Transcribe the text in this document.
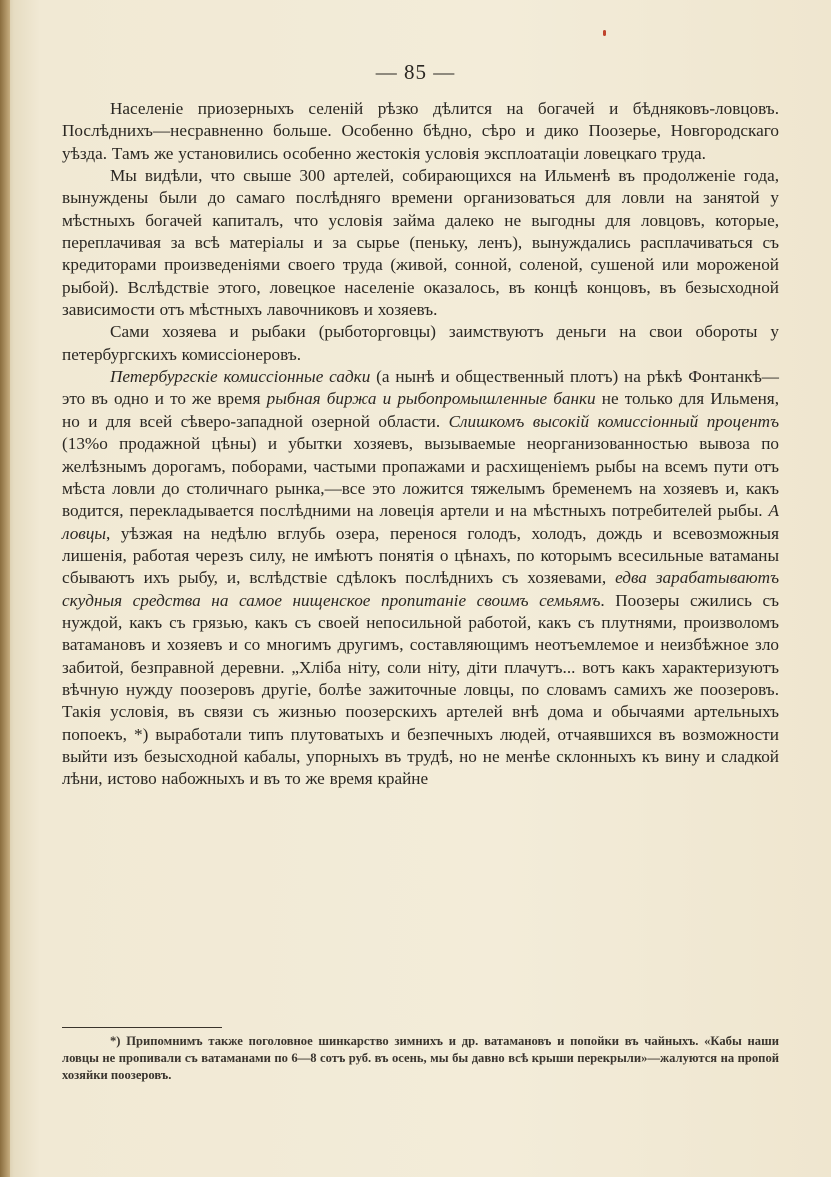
— 85 —

Населеніе приозерныхъ селеній рѣзко дѣлится на богачей и бѣдняковъ-ловцовъ. Послѣднихъ—несравненно больше. Особенно бѣдно, сѣро и дико Поозерье, Новгородскаго уѣзда. Тамъ же установились особенно жестокія условія эксплоатаціи ловецкаго труда.

Мы видѣли, что свыше 300 артелей, собирающихся на Ильменѣ въ продолженіе года, вынуждены были до самаго послѣдняго времени организоваться для ловли на занятой у мѣстныхъ богачей капиталъ, что условія займа далеко не выгодны для ловцовъ, которые, переплачивая за всѣ матеріалы и за сырье (пеньку, ленъ), вынуждались расплачиваться съ кредиторами произведеніями своего труда (живой, сонной, соленой, сушеной или мороженой рыбой). Вслѣдствіе этого, ловецкое населеніе оказалось, въ концѣ концовъ, въ безысходной зависимости отъ мѣстныхъ лавочниковъ и хозяевъ.

Сами хозяева и рыбаки (рыботорговцы) заимствуютъ деньги на свои обороты у петербургскихъ комиссіонеровъ.

Петербургскіе комиссіонные садки (а нынѣ и общественный плотъ) на рѣкѣ Фонтанкѣ—это въ одно и то же время рыбная биржа и рыбопромышленные банки не только для Ильменя, но и для всей сѣверо-западной озерной области. Слишкомъ высокій комиссіонный процентъ (13%o продажной цѣны) и убытки хозяевъ, вызываемые неорганизованностью вывоза по желѣзнымъ дорогамъ, поборами, частыми пропажами и расхищеніемъ рыбы на всемъ пути отъ мѣста ловли до столичнаго рынка,—все это ложится тяжелымъ бременемъ на хозяевъ и, какъ водится, перекладывается послѣдними на ловеція артели и на мѣстныхъ потребителей рыбы. А ловцы, уѣзжая на недѣлю вглубь озера, перенося голодъ, холодъ, дождь и всевозможныя лишенія, работая черезъ силу, не имѣютъ понятія о цѣнахъ, по которымъ всесильные ватаманы сбываютъ ихъ рыбу, и, вслѣдствіе сдѣлокъ послѣднихъ съ хозяевами, едва зарабатываютъ скудныя средства на самое нищенское пропитаніе своимъ семьямъ. Поозеры сжились съ нуждой, какъ съ грязью, какъ съ своей непосильной работой, какъ съ плутнями, произволомъ ватамановъ и хозяевъ и со многимъ другимъ, составляющимъ неотъемлемое и неизбѣжное зло забитой, безправной деревни. „Хліба ніту, соли ніту, діти плачутъ... вотъ какъ характеризуютъ вѣчную нужду поозеровъ другіе, болѣе зажиточные ловцы, по словамъ самихъ же поозеровъ. Такія условія, въ связи съ жизнью поозерскихъ артелей внѣ дома и обычаями артельныхъ попоекъ, *) выработали типъ плутоватыхъ и безпечныхъ людей, отчаявшихся въ возможности выйти изъ безысходной кабалы, упорныхъ въ трудѣ, но не менѣе склонныхъ къ вину и сладкой лѣни, истово набожныхъ и въ то же время крайне

*) Припомнимъ также поголовное шинкарство зимнихъ и др. ватамановъ и попойки въ чайныхъ. «Кабы наши ловцы не пропивали съ ватаманами по 6—8 сотъ руб. въ осень, мы бы давно всѣ крыши перекрыли»—жалуются на пропой хозяйки поозеровъ.
